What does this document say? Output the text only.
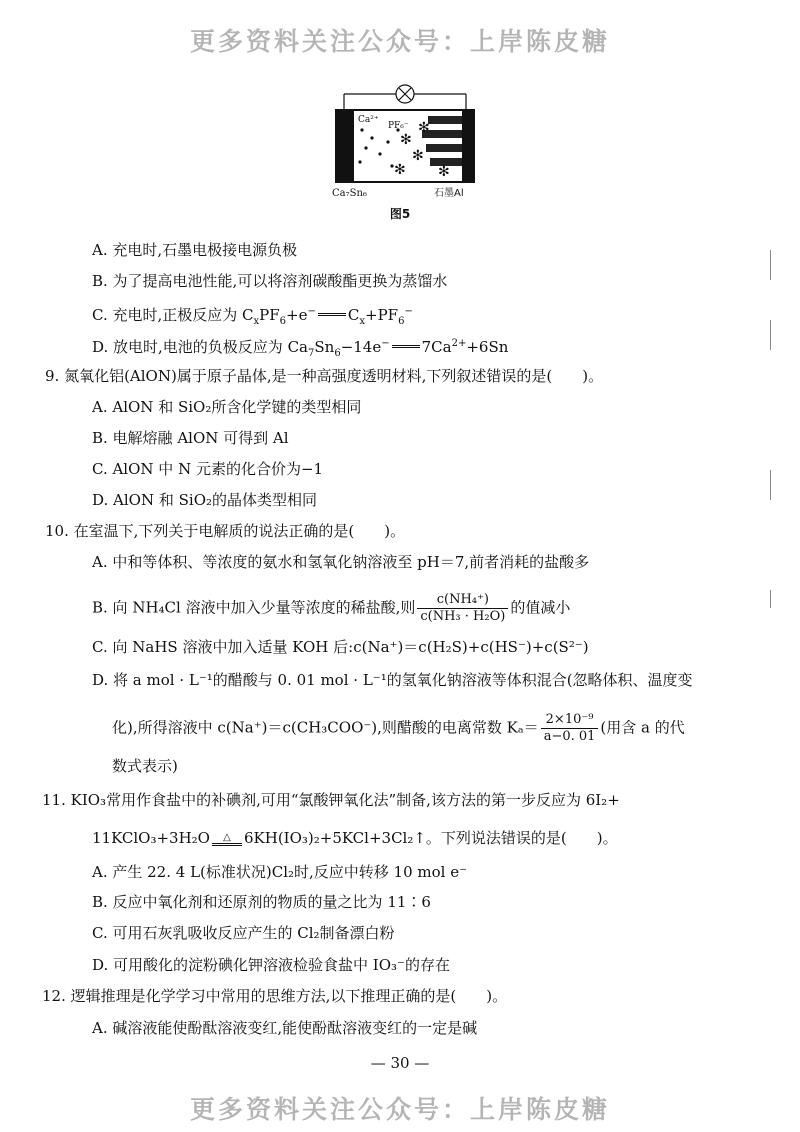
更多资料关注公众号：上岸陈皮糖
✻
✻
✻
✻
✻
Ca²⁺
PF₆⁻
Ca₇Sn₆	石墨Al
图5
A. 充电时,石墨电极接电源负极
B. 为了提高电池性能,可以将溶剂碳酸酯更换为蒸馏水
C. 充电时,正极反应为 $C_xPF_6+e^-$ $C_x+PF_6^-$
D. 放电时,电池的负极反应为 $Ca_7Sn_6-14e^-$ $7Ca^{2+}+6Sn$
9. 氮氧化铝(AlON)属于原子晶体,是一种高强度透明材料,下列叙述错误的是(　　)。
A. AlON 和 SiO₂所含化学键的类型相同
B. 电解熔融 AlON 可得到 Al
C. AlON 中 N 元素的化合价为−1
D. AlON 和 SiO₂的晶体类型相同
10. 在室温下,下列关于电解质的说法正确的是(　　)。
A. 中和等体积、等浓度的氨水和氢氧化钠溶液至 pH＝7,前者消耗的盐酸多
B. 向 NH₄Cl 溶液中加入少量等浓度的稀盐酸,则 $\frac{\text{c(NH₄⁺)}}{\text{c(NH₃ · H₂O)}}$ 的值减小
C. 向 NaHS 溶液中加入适量 KOH 后:c(Na⁺)＝c(H₂S)+c(HS⁻)+c(S²⁻)
D. 将 a mol · L⁻¹的醋酸与 0. 01 mol · L⁻¹的氢氧化钠溶液等体积混合(忽略体积、温度变
化),所得溶液中 c(Na⁺)＝c(CH₃COO⁻),则醋酸的电离常数 $K_a= \frac{\text{2×10⁻⁹}}{a-0. 01}$ (用含 a 的代
数式表示)
11. KIO₃常用作食盐中的补碘剂,可用“氯酸钾氧化法”制备,该方法的第一步反应为 6I₂+
11KClO₃+3H₂O	△ 6KH(IO₃)₂+5KCl+3Cl₂↑。下列说法错误的是(　　)。
A. 产生 22. 4 L(标准状况)Cl₂时,反应中转移 10 mol e⁻
B. 反应中氧化剂和还原剂的物质的量之比为 11∶6
C. 可用石灰乳吸收反应产生的 Cl₂制备漂白粉
D. 可用酸化的淀粉碘化钾溶液检验食盐中 IO₃⁻的存在
12. 逻辑推理是化学学习中常用的思维方法,以下推理正确的是(　　)。
A. 碱溶液能使酚酞溶液变红,能使酚酞溶液变红的一定是碱
— 30 —
更多资料关注公众号：上岸陈皮糖
